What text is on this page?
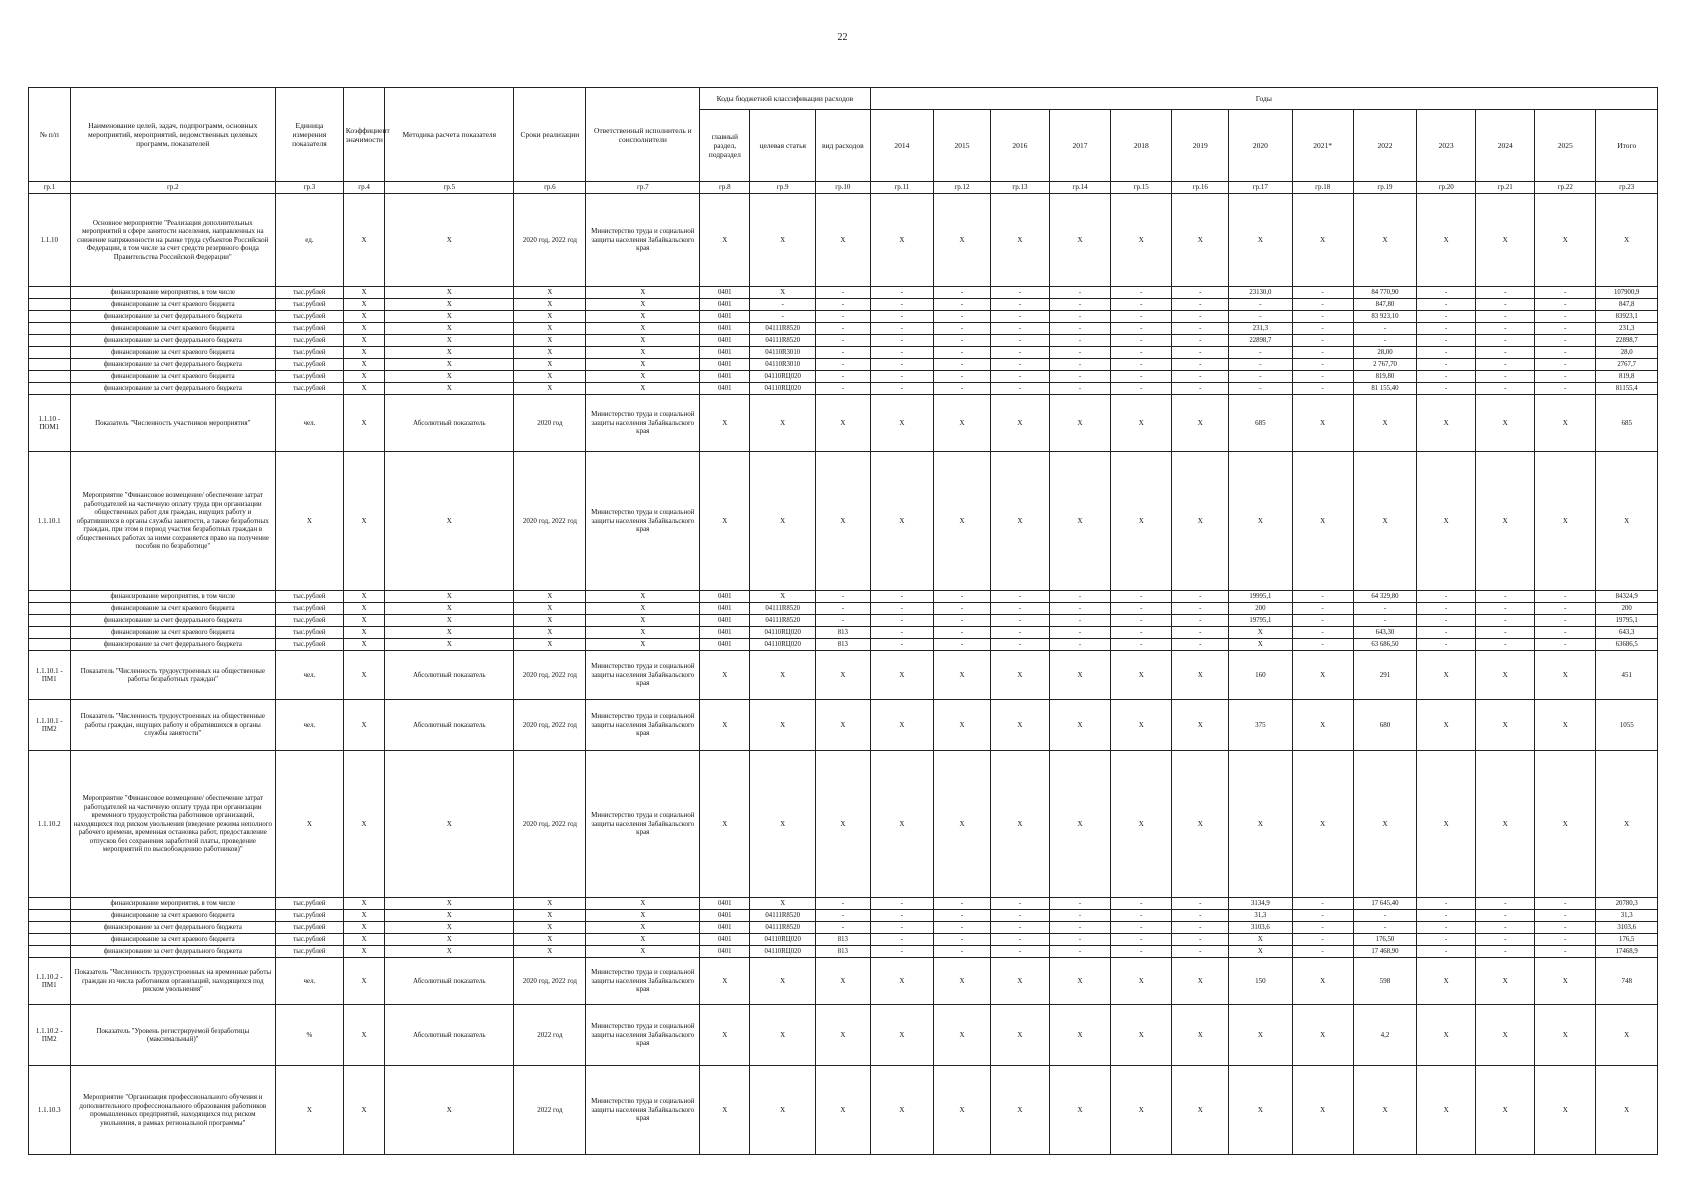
22
№ п/п	Наименование целей, задач, подпрограмм, основных мероприятий, мероприятий, ведомственных целевых программ, показателей	Единица измерения показателя	Коэффициент значимости	Методика расчета показателя	Сроки реализации	Ответственный исполнитель и соисполнители	Коды бюджетной классификации расходов			Годы												
							главный раздел, подраздел	целевая статья	вид расходов	2014	2015	2016	2017	2018	2019	2020	2021*	2022	2023	2024	2025	Итого
гр.1	гр.2	гр.3	гр.4	гр.5	гр.6	гр.7	гр.8	гр.9	гр.10	гр.11	гр.12	гр.13	гр.14	гр.15	гр.16	гр.17	гр.18	гр.19	гр.20	гр.21	гр.22	гр.23
1.1.10	Основное мероприятие "Реализация дополнительных мероприятий в сфере занятости населения, направленных на снижение напряженности на рынке труда субъектов Российской Федерации, в том числе за счет средств резервного фонда Правительства Российской Федерации"	ед.	Х	Х	2020 год, 2022 год	Министерство труда и социальной защиты населения Забайкальского края	Х	Х	Х	Х	Х	Х	Х	Х	Х	Х	Х	Х	Х	Х	Х	Х
	финансирование мероприятия, в том числе	тыс.рублей	Х	Х	Х	Х	0401	Х	-	-	-	-	-	-	-	23130,0	-	84 770,90	-	-	-	107900,9
	финансирование за счет краевого бюджета	тыс.рублей	Х	Х	Х	Х	0401	-	-	-	-	-	-	-	-	-	-	847,80	-	-	-	847,8
	финансирование за счет федерального бюджета	тыс.рублей	Х	Х	Х	Х	0401	-	-	-	-	-	-	-	-	-	-	83 923,10	-	-	-	83923,1
	финансирование за счет краевого бюджета	тыс.рублей	Х	Х	Х	Х	0401	04111R8520	-	-	-	-	-	-	-	231,3	-	-	-	-	-	231,3
	финансирование за счет федерального бюджета	тыс.рублей	Х	Х	Х	Х	0401	04111R8520	-	-	-	-	-	-	-	22898,7	-	-	-	-	-	22898,7
	финансирование за счет краевого бюджета	тыс.рублей	Х	Х	Х	Х	0401	04110R3010	-	-	-	-	-	-	-	-	-	28,00	-	-	-	28,0
	финансирование за счет федерального бюджета	тыс.рублей	Х	Х	Х	Х	0401	04110R3010	-	-	-	-	-	-	-	-	-	2 767,70	-	-	-	2767,7
	финансирование за счет краевого бюджета	тыс.рублей	Х	Х	Х	Х	0401	04110RЦ020	-	-	-	-	-	-	-	-	-	819,80	-	-	-	819,8
	финансирование за счет федерального бюджета	тыс.рублей	Х	Х	Х	Х	0401	04110RЦ020	-	-	-	-	-	-	-	-	-	81 155,40	-	-	-	81155,4
1.1.10 - ПОМ1	Показатель "Численность участников мероприятия"	чел.	Х	Абсолютный показатель	2020 год	Министерство труда и социальной защиты населения Забайкальского края	Х	Х	Х	Х	Х	Х	Х	Х	Х	685	Х	Х	Х	Х	Х	685
1.1.10.1	Мероприятие "Финансовое возмещение/ обеспечение затрат работодателей на частичную оплату труда при организации общественных работ для граждан, ищущих работу и обратившихся в органы службы занятости, а также безработных граждан, при этом в период участия безработных граждан в общественных работах за ними сохраняется право на получение пособия по безработице"	Х	Х	Х	2020 год, 2022 год	Министерство труда и социальной защиты населения Забайкальского края	Х	Х	Х	Х	Х	Х	Х	Х	Х	Х	Х	Х	Х	Х	Х	Х
	финансирование мероприятия, в том числе	тыс.рублей	Х	Х	Х	Х	0401	Х	-	-	-	-	-	-	-	19995,1	-	64 329,80	-	-	-	84324,9
	финансирование за счет краевого бюджета	тыс.рублей	Х	Х	Х	Х	0401	04111R8520	-	-	-	-	-	-	-	200	-	-	-	-	-	200
	финансирование за счет федерального бюджета	тыс.рублей	Х	Х	Х	Х	0401	04111R8520	-	-	-	-	-	-	-	19795,1	-	-	-	-	-	19795,1
	финансирование за счет краевого бюджета	тыс.рублей	Х	Х	Х	Х	0401	04110RЦ020	813	-	-	-	-	-	-	Х	-	643,30	-	-	-	643,3
	финансирование за счет федерального бюджета	тыс.рублей	Х	Х	Х	Х	0401	04110RЦ020	813	-	-	-	-	-	-	Х	-	63 686,50	-	-	-	63686,5
1.1.10.1 - ПМ1	Показатель "Численность трудоустроенных на общественные работы безработных граждан"	чел.	Х	Абсолютный показатель	2020 год, 2022 год	Министерство труда и социальной защиты населения Забайкальского края	Х	Х	Х	Х	Х	Х	Х	Х	Х	160	Х	291	Х	Х	Х	451
1.1.10.1 - ПМ2	Показатель "Численность трудоустроенных на общественные работы граждан, ищущих работу и обратившихся в органы службы занятости"	чел.	Х	Абсолютный показатель	2020 год, 2022 год	Министерство труда и социальной защиты населения Забайкальского края	Х	Х	Х	Х	Х	Х	Х	Х	Х	375	Х	680	Х	Х	Х	1055
1.1.10.2	Мероприятие "Финансовое возмещение/ обеспечение затрат работодателей на частичную оплату труда при организации временного трудоустройства работников организаций, находящихся под риском увольнения (введение режима неполного рабочего времени, временная остановка работ, предоставление отпусков без сохранения заработной платы, проведение мероприятий по высвобождению работников)"	Х	Х	Х	2020 год, 2022 год	Министерство труда и социальной защиты населения Забайкальского края	Х	Х	Х	Х	Х	Х	Х	Х	Х	Х	Х	Х	Х	Х	Х	Х
	финансирование мероприятия, в том числе	тыс.рублей	Х	Х	Х	Х	0401	Х	-	-	-	-	-	-	-	3134,9	-	17 645,40	-	-	-	20780,3
	финансирование за счет краевого бюджета	тыс.рублей	Х	Х	Х	Х	0401	04111R8520	-	-	-	-	-	-	-	31,3	-	-	-	-	-	31,3
	финансирование за счет федерального бюджета	тыс.рублей	Х	Х	Х	Х	0401	04111R8520	-	-	-	-	-	-	-	3103,6	-	-	-	-	-	3103,6
	финансирование за счет краевого бюджета	тыс.рублей	Х	Х	Х	Х	0401	04110RЦ020	813	-	-	-	-	-	-	Х	-	176,50	-	-	-	176,5
	финансирование за счет федерального бюджета	тыс.рублей	Х	Х	Х	Х	0401	04110RЦ020	813	-	-	-	-	-	-	Х	-	17 468,90	-	-	-	17468,9
1.1.10.2 - ПМ1	Показатель "Численность трудоустроенных на временные работы граждан из числа работников организаций, находящихся под риском увольнения"	чел.	Х	Абсолютный показатель	2020 год, 2022 год	Министерство труда и социальной защиты населения Забайкальского края	Х	Х	Х	Х	Х	Х	Х	Х	Х	150	Х	598	Х	Х	Х	748
1.1.10.2 - ПМ2	Показатель "Уровень регистрируемой безработицы (максимальный)"	%	Х	Абсолютный показатель	2022 год	Министерство труда и социальной защиты населения Забайкальского края	Х	Х	Х	Х	Х	Х	Х	Х	Х	Х	Х	4,2	Х	Х	Х	Х
1.1.10.3	Мероприятие "Организация профессионального обучения и дополнительного профессионального образования работников промышленных предприятий, находящихся под риском увольнения, в рамках региональной программы"	Х	Х	Х	2022 год	Министерство труда и социальной защиты населения Забайкальского края	Х	Х	Х	Х	Х	Х	Х	Х	Х	Х	Х	Х	Х	Х	Х	Х
